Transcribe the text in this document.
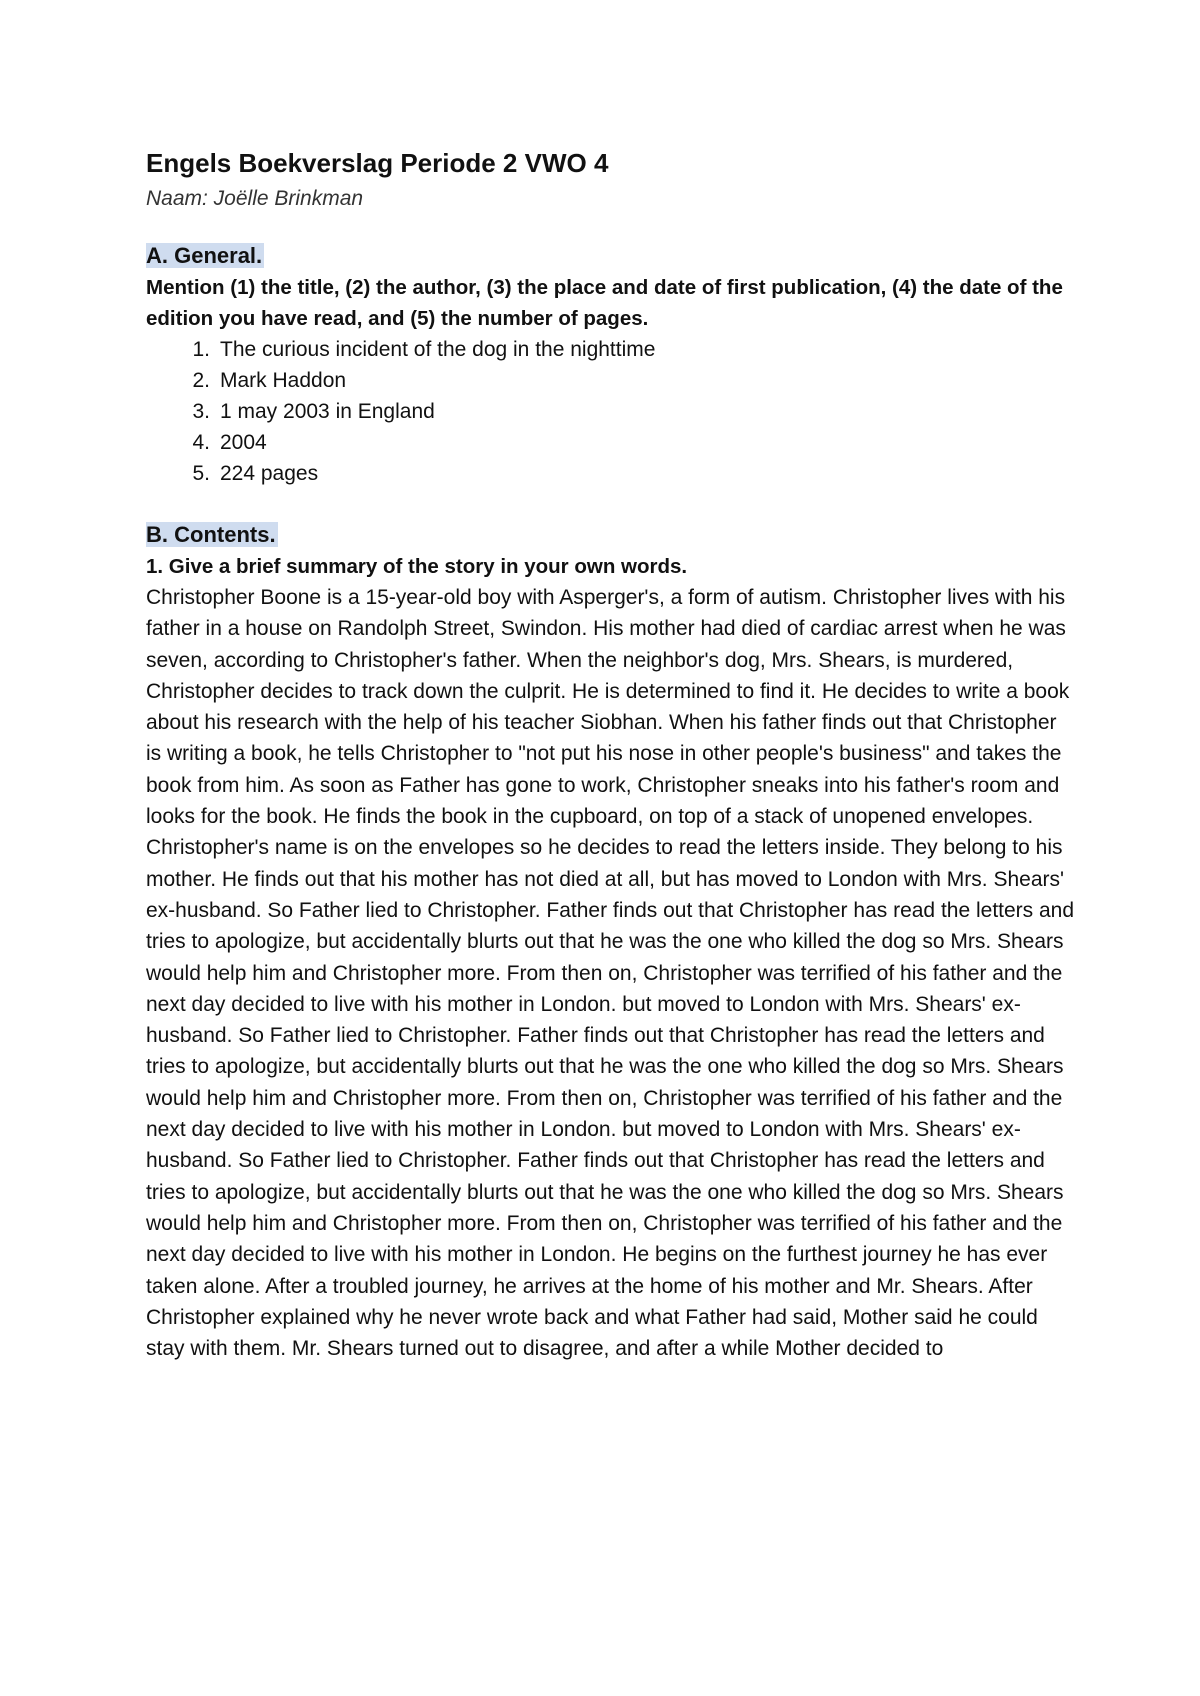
Engels Boekverslag Periode 2 VWO 4

Naam: Joëlle Brinkman

A. General.

Mention (1) the title, (2) the author, (3) the place and date of first publication, (4) the date of the edition you have read, and (5) the number of pages.

1 . The curious incident of the dog in the nighttime
2 . Mark Haddon
3 . 1 may 2003 in England
4 . 2004
5 . 224 pages
B. Contents.

1. Give a brief summary of the story in your own words.

Christopher Boone is a 15-year-old boy with Asperger's, a form of autism. Christopher lives with his father in a house on Randolph Street, Swindon. His mother had died of cardiac arrest when he was seven, according to Christopher's father. When the neighbor's dog, Mrs. Shears, is murdered, Christopher decides to track down the culprit. He is determined to find it. He decides to write a book about his research with the help of his teacher Siobhan. When his father finds out that Christopher is writing a book, he tells Christopher to "not put his nose in other people's business" and takes the book from him. As soon as Father has gone to work, Christopher sneaks into his father's room and looks for the book. He finds the book in the cupboard, on top of a stack of unopened envelopes. Christopher's name is on the envelopes so he decides to read the letters inside. They belong to his mother. He finds out that his mother has not died at all, but has moved to London with Mrs. Shears' ex-husband. So Father lied to Christopher. Father finds out that Christopher has read the letters and tries to apologize, but accidentally blurts out that he was the one who killed the dog so Mrs. Shears would help him and Christopher more. From then on, Christopher was terrified of his father and the next day decided to live with his mother in London. but moved to London with Mrs. Shears' ex-husband. So Father lied to Christopher. Father finds out that Christopher has read the letters and tries to apologize, but accidentally blurts out that he was the one who killed the dog so Mrs. Shears would help him and Christopher more. From then on, Christopher was terrified of his father and the next day decided to live with his mother in London. but moved to London with Mrs. Shears' ex-husband. So Father lied to Christopher. Father finds out that Christopher has read the letters and tries to apologize, but accidentally blurts out that he was the one who killed the dog so Mrs. Shears would help him and Christopher more. From then on, Christopher was terrified of his father and the next day decided to live with his mother in London. He begins on the furthest journey he has ever taken alone. After a troubled journey, he arrives at the home of his mother and Mr. Shears. After Christopher explained why he never wrote back and what Father had said, Mother said he could stay with them. Mr. Shears turned out to disagree, and after a while Mother decided to
